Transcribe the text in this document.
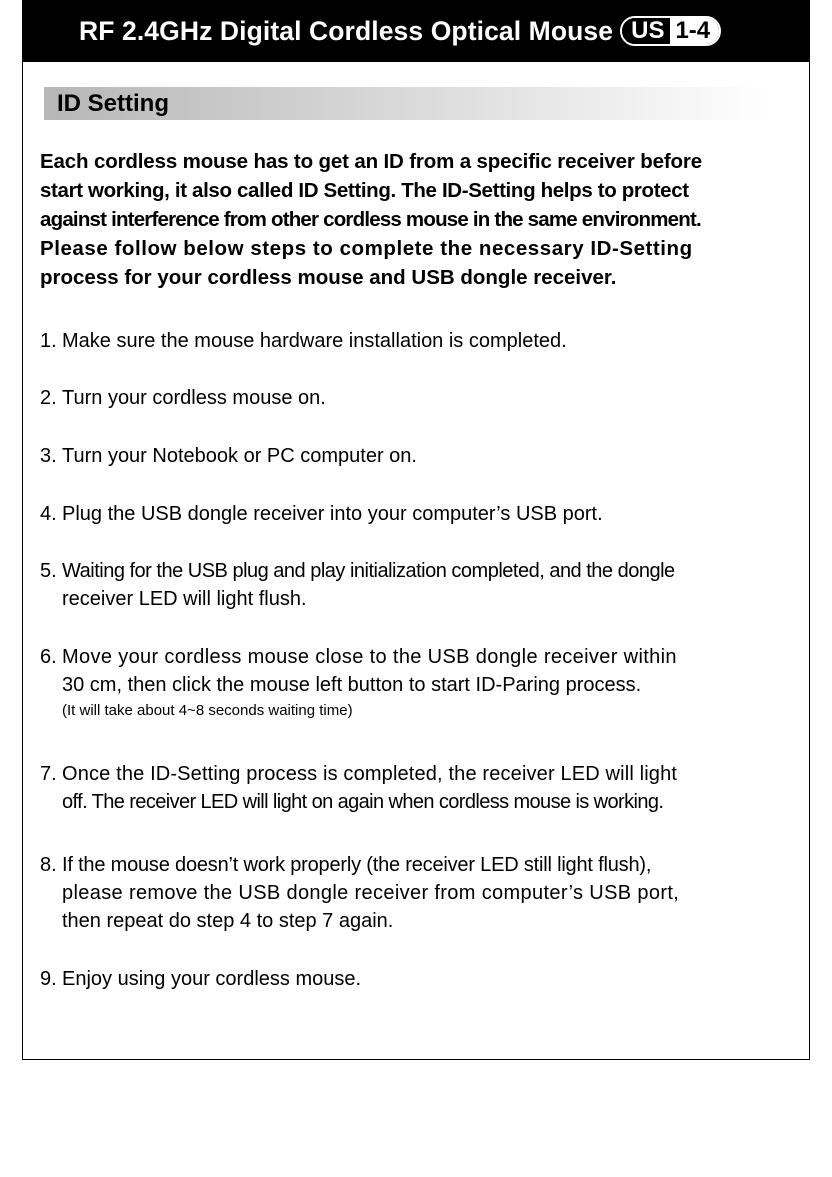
RF 2.4GHz Digital Cordless Optical Mouse US 1-4
ID Setting

Each cordless mouse has to get an ID from a specific receiver before
start working, it also called ID Setting. The ID-Setting helps to protect
against interference from other cordless mouse in the same environment.
Please follow below steps to complete the necessary ID-Setting
process for your cordless mouse and USB dongle receiver.

1. Make sure the mouse hardware installation is completed.
2. Turn your cordless mouse on.
3. Turn your Notebook or PC computer on.
4. Plug the USB dongle receiver into your computer’s USB port.
5. Waiting for the USB plug and play initialization completed, and the dongle
receiver LED will light flush.
6. Move your cordless mouse close to the USB dongle receiver within
30 cm, then click the mouse left button to start ID-Paring process.
(It will take about 4~8 seconds waiting time)
7. Once the ID-Setting process is completed, the receiver LED will light
off. The receiver LED will light on again when cordless mouse is working.
8. If the mouse doesn’t work properly (the receiver LED still light flush),
please remove the USB dongle receiver from computer’s USB port,
then repeat do step 4 to step 7 again.
9. Enjoy using your cordless mouse.
